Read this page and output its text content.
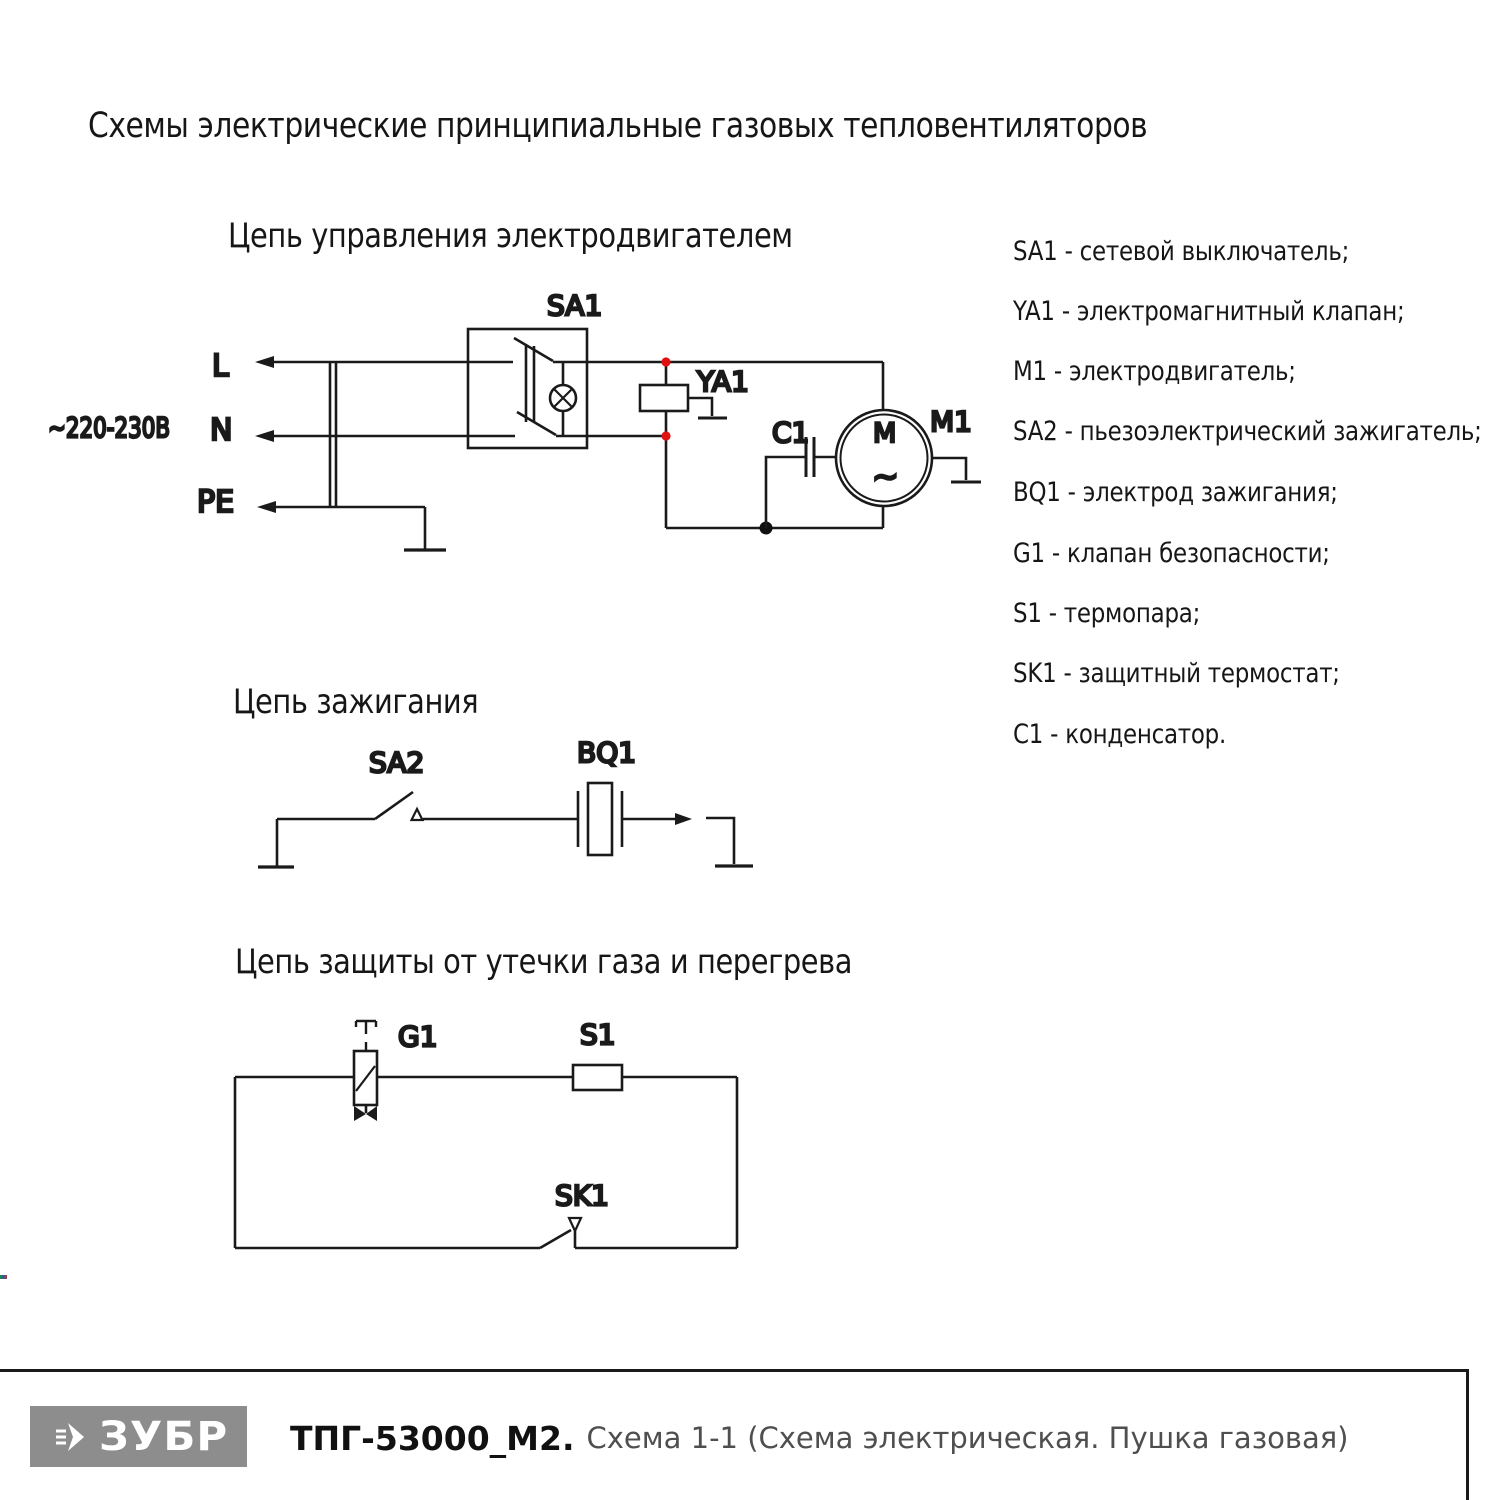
Схемы электрические принципиальные газовых тепловентиляторов
Цепь управления электродвигателем
Цепь зажигания
Цепь защиты от утечки газа и перегрева
SA1 - сетевой выключатель;
YA1 - электромагнитный клапан;
M1 - электродвигатель;
SA2 - пьезоэлектрический зажигатель;
BQ1 - электрод зажигания;
G1 - клапан безопасности;
S1 - термопара;
SK1 - защитный термостат;
C1 - конденсатор.
L
N
PE
~220-230В
SA1
YA1
C1	M1
M
~
SA2	BQ1
G1	S1
SK1
ЗУБР ТПГ-53000_М2. Схема 1-1 (Схема электрическая. Пушка газовая)
